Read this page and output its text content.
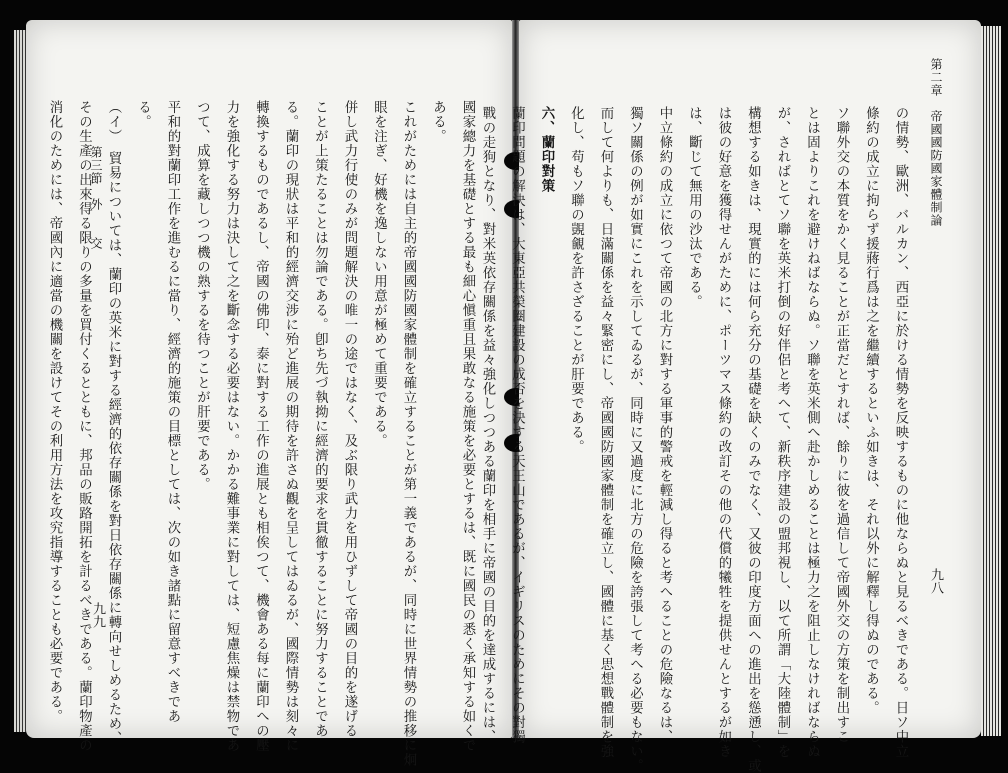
第三節　外　　交
九九	國家總力を基礎とする最も細心愼重且果敢なる施策を必要とするは、既に國民の悉く承知する如くで

ある。

これがためには自主的帝國國防國家體制を確立することが第一義であるが、同時に世界情勢の推移に炯

眼を注ぎ、好機を逸しない用意が極めて重要である。

併し武力行使のみが問題解決の唯一の途ではなく、及ぶ限り武力を用ひずして帝國の目的を遂げる

ことが上策たることは勿論である。卽ち先づ執拗に經濟的要求を貫徹することに努力することであ

る。蘭印の現狀は平和的經濟交涉に殆ど進展の期待を許さぬ觀を呈してはゐるが、國際情勢は刻々に

轉換するものであるし、帝國の佛印、泰に對する工作の進展とも相俟つて、機會ある每に蘭印への壓

力を強化する努力は決して之を斷念する必要はない。かかる難事業に對しては、短慮焦燥は禁物であ

つて、成算を藏しつつ機の熟するを待つことが肝要である。

平和的對蘭印工作を進むるに當り、經濟的施策の目標としては、次の如き諸點に留意すべきであ

る。

（イ）　貿易については、蘭印の英米に對する經濟的依存關係を對日依存關係に轉向せしめるため、

その生產の出來得る限りの多量を買付くるとともに、邦品の販路開拓を計るべきである。蘭印物產の

消化のためには、帝國內に適當の機關を設けてその利用方法を攻究指導することも必要である。	第二章　帝國國防國家體制論
九八

の情勢、歐洲、バルカン、西亞に於ける情勢を反映するものに他ならぬと見るべきである。日ソ中立

條約の成立に拘らず援蔣行爲は之を繼續するといふ如きは、それ以外に解釋し得ぬのである。

ソ聯外交の本質をかく見ることが正當だとすれば、餘りに彼を過信して帝國外交の方策を制出すこ

とは固よりこれを避けねばならぬ。ソ聯を英米側へ赴かしめることは極力之を阻止しなければならぬ

が、さればとてソ聯を英米打倒の好伴侶と考へて、新秩序建設の盟邦視し、以て所謂「大陸體制」を

構想する如きは、現實的には何ら充分の基礎を缺くのみでなく、又彼の印度方面への進出を慫慂し、或

は彼の好意を獲得せんがために、ポーツマス條約の改訂その他の代償的犧牲を提供せんとするが如き

は、斷じて無用の沙汰である。

中立條約の成立に依つて帝國の北方に對する軍事的警戒を輕減し得ると考へることの危險なるは、

獨ソ關係の例が如實にこれを示してゐるが、同時に又過度に北方の危險を誇張して考へる必要もない。

而して何よりも、日滿關係を益々緊密にし、帝國國防國家體制を確立し、國體に基く思想戰體制を強

化し、苟もソ聯の覬覦を許さざることが肝要である。

六、蘭印對策

蘭印問題の解決は、大東亞共榮圈建設の成否を決する天王山であるが、イギリスのためにその對獨

戰の走狗となり、對米英依存關係を益々強化しつつある蘭印を相手に帝國の目的を達成するには、
